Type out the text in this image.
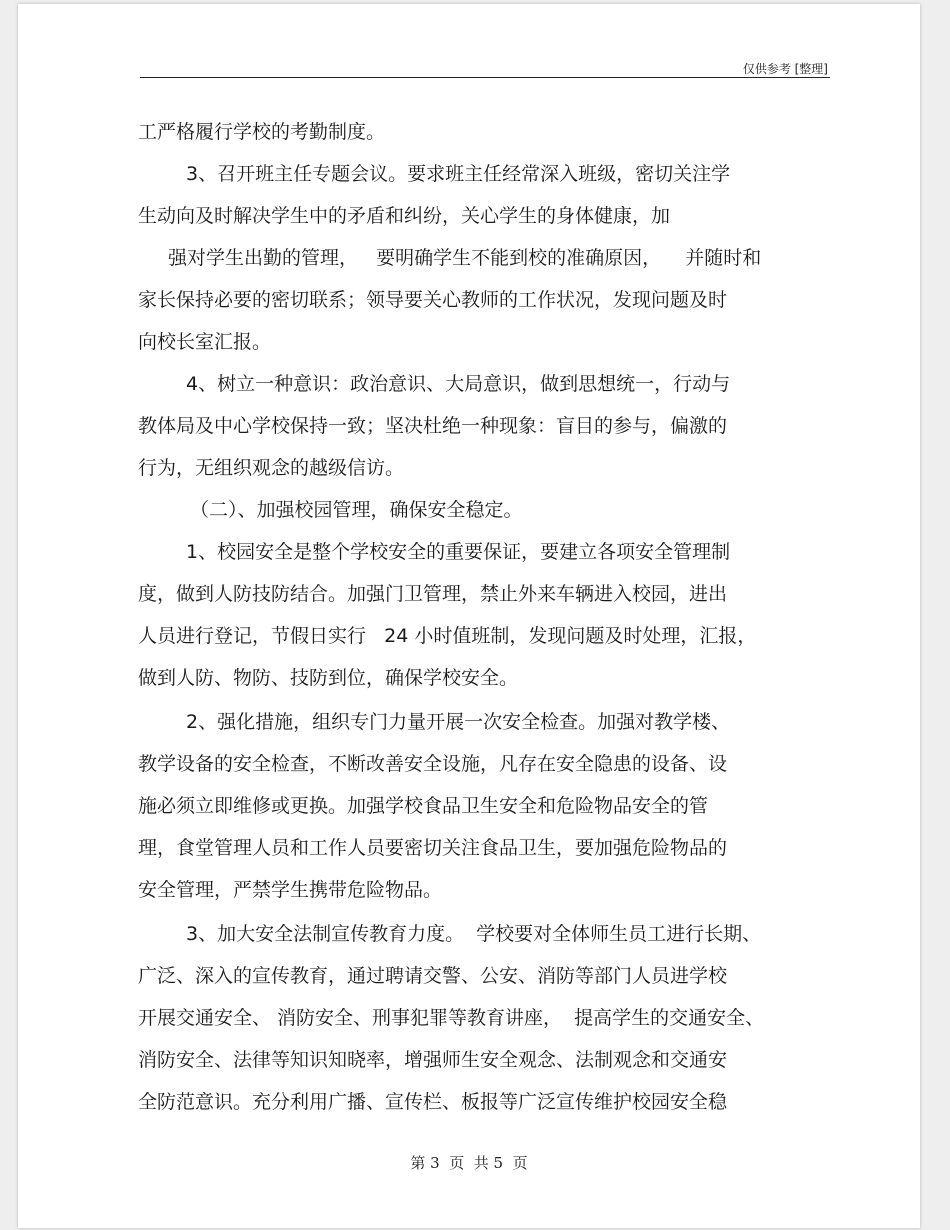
仅供参考 [整理]
工严格履行学校的考勤制度。
3、召开班主任专题会议。要求班主任经常深入班级，密切关注学
生动向及时解决学生中的矛盾和纠纷，关心学生的身体健康，加
强对学生出勤的管理，   要明确学生不能到校的准确原因，    并随时和
家长保持必要的密切联系；领导要关心教师的工作状况，发现问题及时
向校长室汇报。
4、树立一种意识：政治意识、大局意识，做到思想统一，行动与
教体局及中心学校保持一致；坚决杜绝一种现象：盲目的参与，偏激的
行为，无组织观念的越级信访。
（二）、加强校园管理，确保安全稳定。
1、校园安全是整个学校安全的重要保证，要建立各项安全管理制
度，做到人防技防结合。加强门卫管理，禁止外来车辆进入校园，进出
人员进行登记，节假日实行   24 小时值班制，发现问题及时处理，汇报，
做到人防、物防、技防到位，确保学校安全。
2、强化措施，组织专门力量开展一次安全检查。加强对教学楼、
教学设备的安全检查，不断改善安全设施，凡存在安全隐患的设备、设
施必须立即维修或更换。加强学校食品卫生安全和危险物品安全的管
理，食堂管理人员和工作人员要密切关注食品卫生，要加强危险物品的
安全管理，严禁学生携带危险物品。
3、加大安全法制宣传教育力度。  学校要对全体师生员工进行长期、
广泛、深入的宣传教育，通过聘请交警、公安、消防等部门人员进学校
开展交通安全、 消防安全、刑事犯罪等教育讲座，  提高学生的交通安全、
消防安全、法律等知识知晓率，增强师生安全观念、法制观念和交通安
全防范意识。充分利用广播、宣传栏、板报等广泛宣传维护校园安全稳
第 3  页  共 5  页
